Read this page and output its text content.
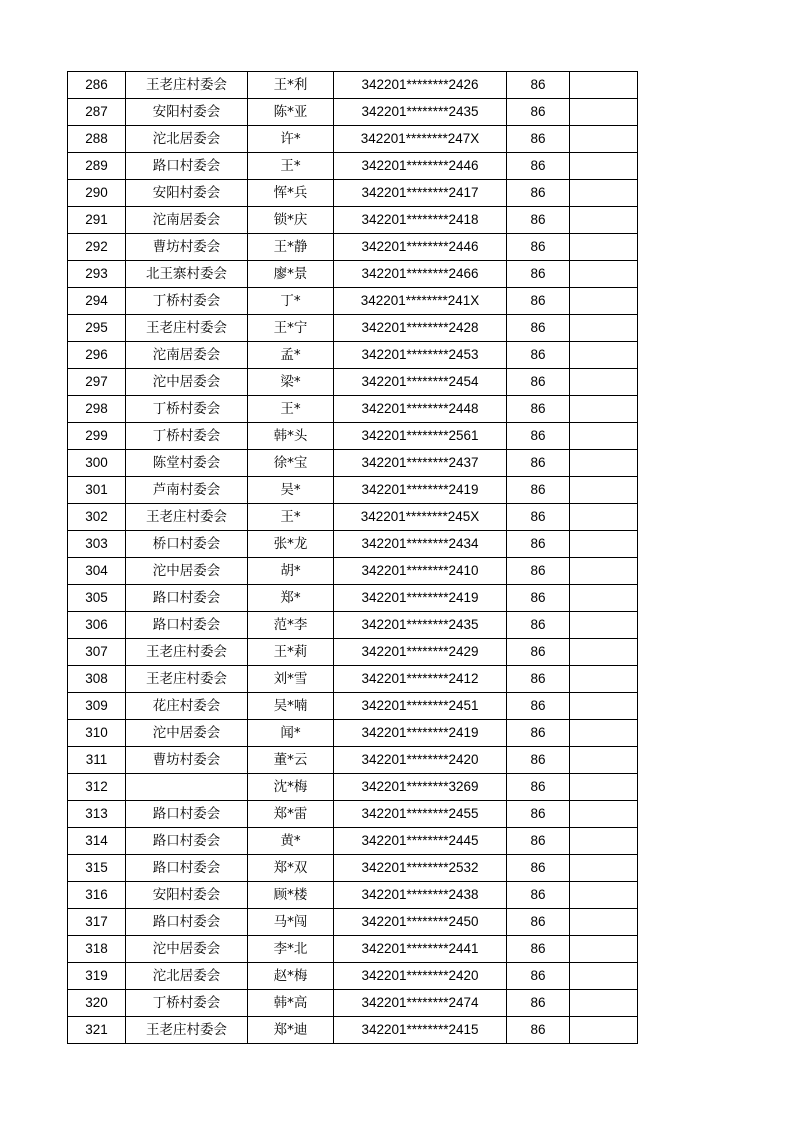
286	王老庄村委会	王*利	342201********2426	86	
287	安阳村委会	陈*亚	342201********2435	86	
288	沱北居委会	许*	342201********247X	86	
289	路口村委会	王*	342201********2446	86	
290	安阳村委会	恽*兵	342201********2417	86	
291	沱南居委会	锁*庆	342201********2418	86	
292	曹坊村委会	王*静	342201********2446	86	
293	北王寨村委会	廖*景	342201********2466	86	
294	丁桥村委会	丁*	342201********241X	86	
295	王老庄村委会	王*宁	342201********2428	86	
296	沱南居委会	孟*	342201********2453	86	
297	沱中居委会	梁*	342201********2454	86	
298	丁桥村委会	王*	342201********2448	86	
299	丁桥村委会	韩*头	342201********2561	86	
300	陈堂村委会	徐*宝	342201********2437	86	
301	芦南村委会	吴*	342201********2419	86	
302	王老庄村委会	王*	342201********245X	86	
303	桥口村委会	张*龙	342201********2434	86	
304	沱中居委会	胡*	342201********2410	86	
305	路口村委会	郑*	342201********2419	86	
306	路口村委会	范*李	342201********2435	86	
307	王老庄村委会	王*莉	342201********2429	86	
308	王老庄村委会	刘*雪	342201********2412	86	
309	花庄村委会	吴*喃	342201********2451	86	
310	沱中居委会	闻*	342201********2419	86	
311	曹坊村委会	董*云	342201********2420	86	
312		沈*梅	342201********3269	86	
313	路口村委会	郑*雷	342201********2455	86	
314	路口村委会	黄*	342201********2445	86	
315	路口村委会	郑*双	342201********2532	86	
316	安阳村委会	顾*楼	342201********2438	86	
317	路口村委会	马*闯	342201********2450	86	
318	沱中居委会	李*北	342201********2441	86	
319	沱北居委会	赵*梅	342201********2420	86	
320	丁桥村委会	韩*高	342201********2474	86	
321	王老庄村委会	郑*迪	342201********2415	86	
